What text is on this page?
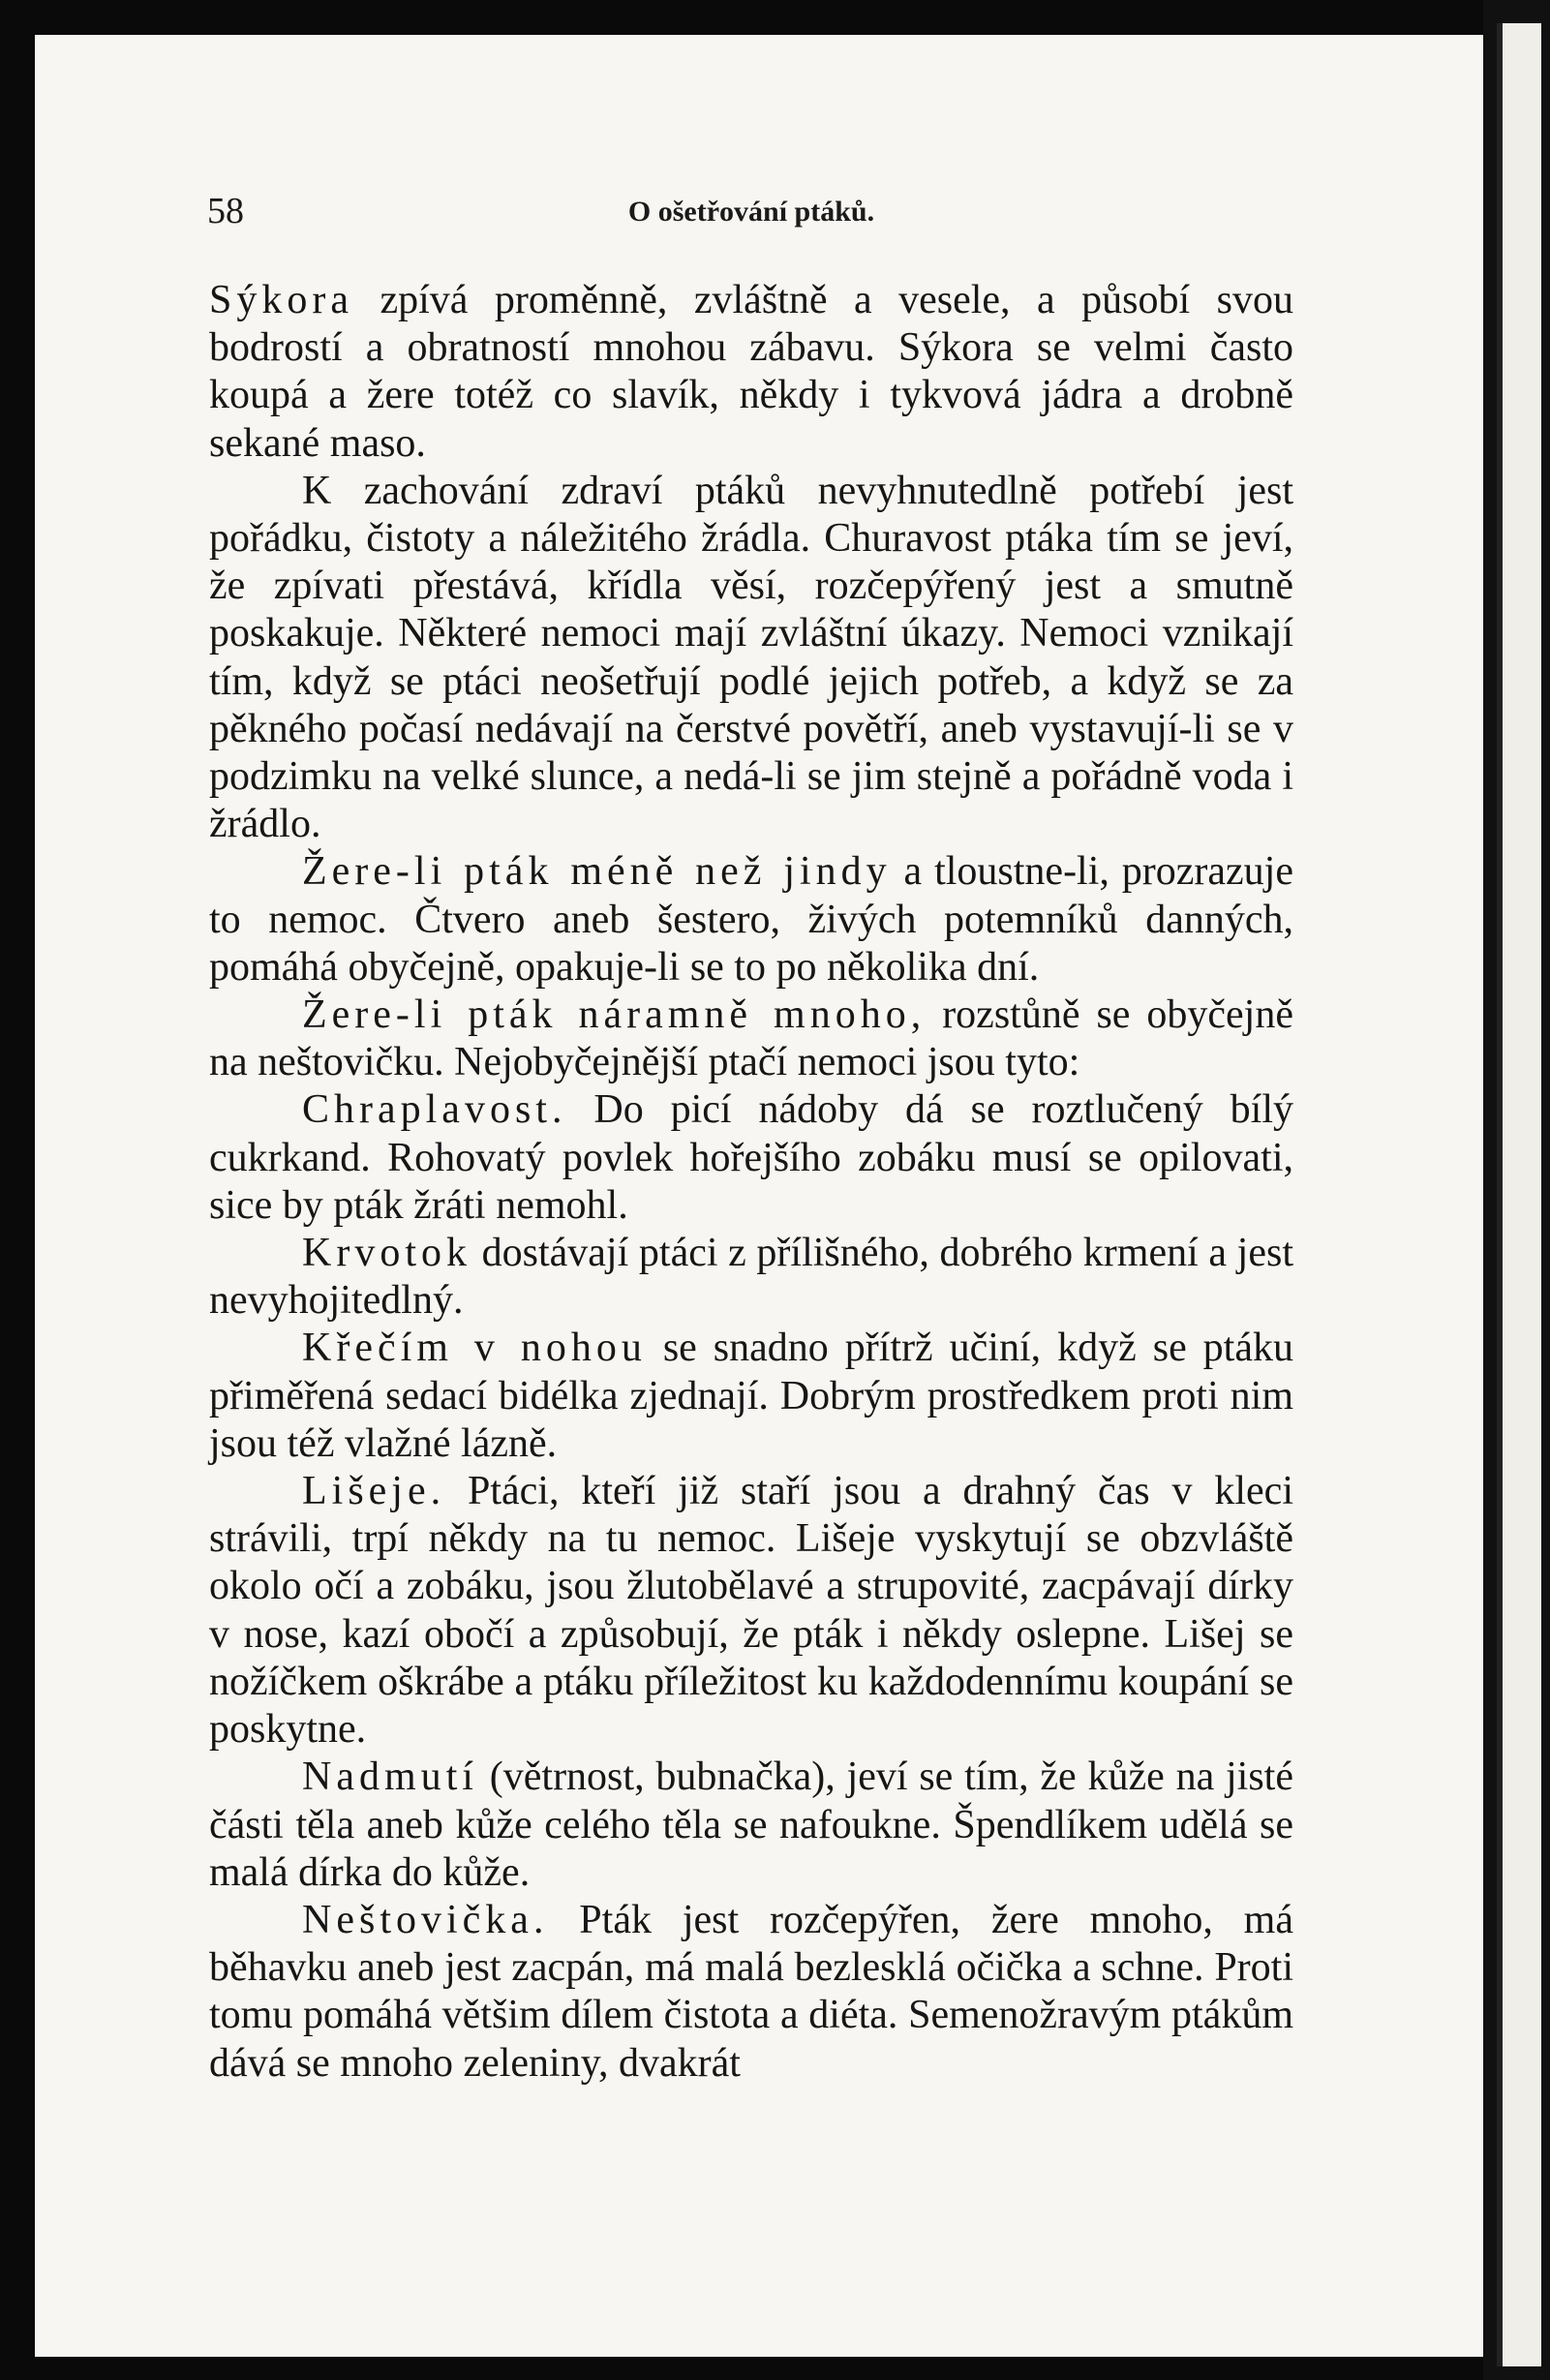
58	O ošetřování ptáků.

Sýkora zpívá proměnně, zvláštně a vesele, a působí svou bodrostí a obratností mnohou zábavu. Sýkora se velmi často koupá a žere totéž co slavík, někdy i tykvová jádra a drobně sekané maso.

K zachování zdraví ptáků nevyhnutedlně potřebí jest pořádku, čistoty a náležitého žrádla. Churavost ptáka tím se jeví, že zpívati přestává, křídla věsí, rozčepýřený jest a smutně poskakuje. Některé nemoci mají zvláštní úkazy. Nemoci vznikají tím, když se ptáci neošetřují podlé jejich potřeb, a když se za pěkného počasí nedávají na čerstvé povětří, aneb vystavují-li se v podzimku na velké slunce, a nedá-li se jim stejně a pořádně voda i žrádlo.

Žere-li pták méně než jindy a tloustne-li, prozrazuje to nemoc. Čtvero aneb šestero, živých potemníků danných, pomáhá obyčejně, opakuje-li se to po několika dní.

Žere-li pták náramně mnoho, rozstůně se obyčejně na neštovičku. Nejobyčejnější ptačí nemoci jsou tyto:

Chraplavost. Do picí nádoby dá se roztlučený bílý cukrkand. Rohovatý povlek hořejšího zobáku musí se opilovati, sice by pták žráti nemohl.

Krvotok dostávají ptáci z přílišného, dobrého krmení a jest nevyhojitedlný.

Křečím v nohou se snadno přítrž učiní, když se ptáku přiměřená sedací bidélka zjednají. Dobrým prostředkem proti nim jsou též vlažné lázně.

Lišeje. Ptáci, kteří již staří jsou a drahný čas v kleci strávili, trpí někdy na tu nemoc. Lišeje vyskytují se obzvláště okolo očí a zobáku, jsou žlutobělavé a strupovité, zacpávají dírky v nose, kazí obočí a způsobují, že pták i někdy oslepne. Lišej se nožíčkem oškrábe a ptáku příležitost ku každodennímu koupání se poskytne.

Nadmutí (větrnost, bubnačka), jeví se tím, že kůže na jisté části těla aneb kůže celého těla se nafoukne. Špendlíkem udělá se malá dírka do kůže.

Neštovička. Pták jest rozčepýřen, žere mnoho, má běhavku aneb jest zacpán, má malá bezlesklá očička a schne. Proti tomu pomáhá většim dílem čistota a diéta. Semenožravým ptákům dává se mnoho zeleniny, dvakrát
